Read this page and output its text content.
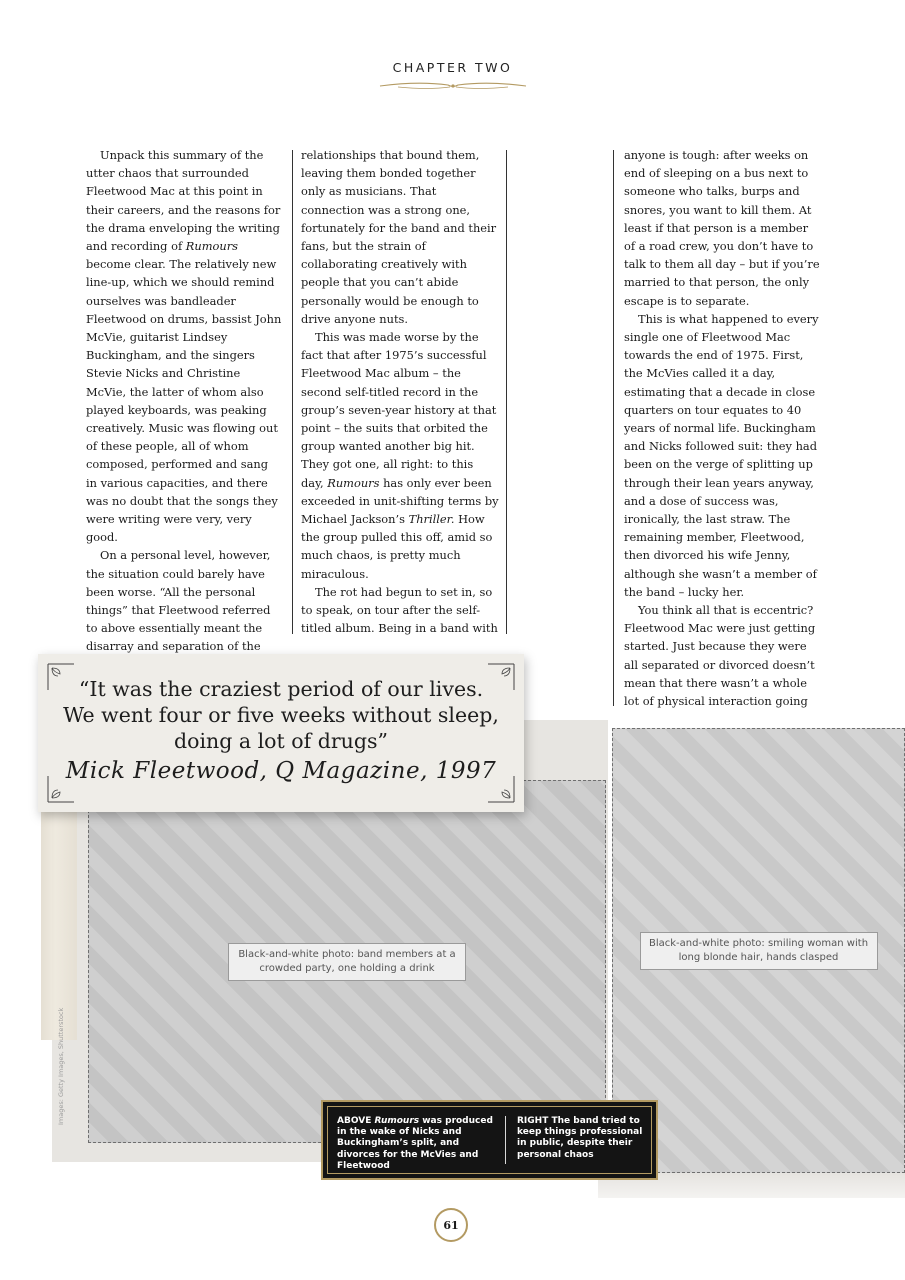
CHAPTER TWO

Unpack this summary of the utter chaos that surrounded Fleetwood Mac at this point in their careers, and the reasons for the drama enveloping the writing and recording of Rumours become clear. The relatively new line-up, which we should remind ourselves was bandleader Fleetwood on drums, bassist John McVie, guitarist Lindsey Buckingham, and the singers Stevie Nicks and Christine McVie, the latter of whom also played keyboards, was peaking creatively. Music was flowing out of these people, all of whom composed, performed and sang in various capacities, and there was no doubt that the songs they were writing were very, very good.

On a personal level, however, the situation could barely have been worse. “All the personal things” that Fleetwood referred to above essentially meant the disarray and separation of the

relationships that bound them, leaving them bonded together only as musicians. That connection was a strong one, fortunately for the band and their fans, but the strain of collaborating creatively with people that you can’t abide personally would be enough to drive anyone nuts.

This was made worse by the fact that after 1975’s successful Fleetwood Mac album – the second self-titled record in the group’s seven-year history at that point – the suits that orbited the group wanted another big hit. They got one, all right: to this day, Rumours has only ever been exceeded in unit-shifting terms by Michael Jackson’s Thriller. How the group pulled this off, amid so much chaos, is pretty much miraculous.

The rot had begun to set in, so to speak, on tour after the self-titled album. Being in a band with

anyone is tough: after weeks on end of sleeping on a bus next to someone who talks, burps and snores, you want to kill them. At least if that person is a member of a road crew, you don’t have to talk to them all day – but if you’re married to that person, the only escape is to separate.

This is what happened to every single one of Fleetwood Mac towards the end of 1975. First, the McVies called it a day, estimating that a decade in close quarters on tour equates to 40 years of normal life. Buckingham and Nicks followed suit: they had been on the verge of splitting up through their lean years anyway, and a dose of success was, ironically, the last straw. The remaining member, Fleetwood, then divorced his wife Jenny, although she wasn’t a member of the band – lucky her.

You think all that is eccentric? Fleetwood Mac were just getting started. Just because they were all separated or divorced doesn’t mean that there wasn’t a whole lot of physical interaction going

Black-and-white photo: band members at a crowded party, one holding a drink
Black-and-white photo: smiling woman with long blonde hair, hands clasped
Images: Getty Images, Shutterstock
“It was the craziest period of our lives.
We went four or five weeks without sleep,
doing a lot of drugs”
Mick Fleetwood, Q Magazine, 1997
ABOVE Rumours was produced in the wake of Nicks and Buckingham’s split, and divorces for the McVies and Fleetwood
RIGHT The band tried to keep things professional in public, despite their personal chaos
61
